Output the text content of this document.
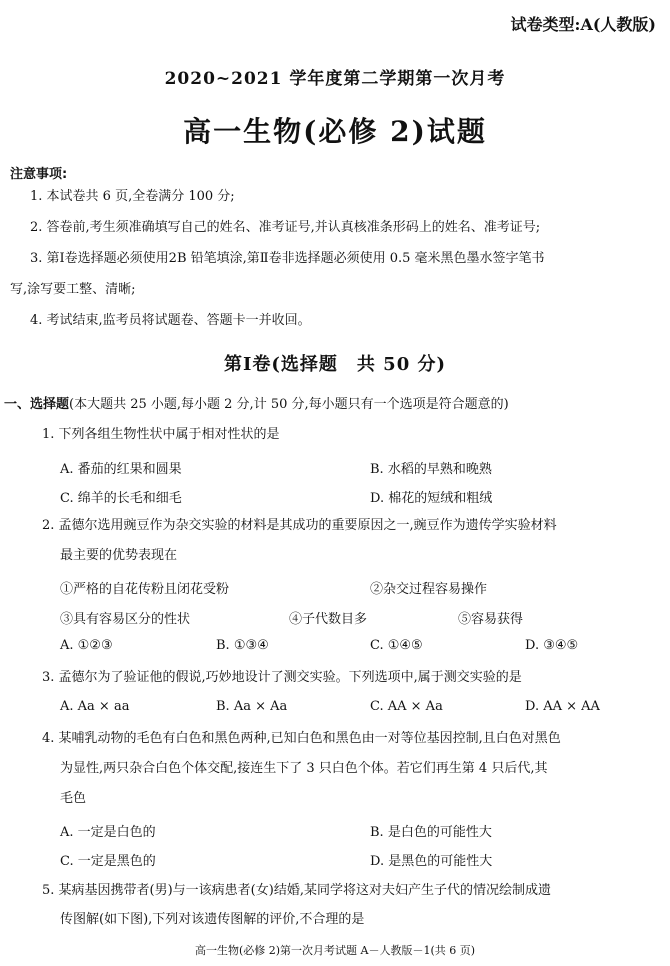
试卷类型:A(人教版)
2020~2021 学年度第二学期第一次月考
高一生物(必修 2)试题
注意事项:
1. 本试卷共 6 页,全卷满分 100 分;
2. 答卷前,考生须准确填写自己的姓名、准考证号,并认真核准条形码上的姓名、准考证号;
3. 第Ⅰ卷选择题必须使用2B 铅笔填涂,第Ⅱ卷非选择题必须使用 0.5 毫米黑色墨水签字笔书
写,涂写要工整、清晰;
4. 考试结束,监考员将试题卷、答题卡一并收回。
第Ⅰ卷(选择题　共 50 分)
一、选择题(本大题共 25 小题,每小题 2 分,计 50 分,每小题只有一个选项是符合题意的)
1. 下列各组生物性状中属于相对性状的是
A. 番茄的红果和圆果	B. 水稻的早熟和晚熟
C. 绵羊的长毛和细毛	D. 棉花的短绒和粗绒
2. 孟德尔选用豌豆作为杂交实验的材料是其成功的重要原因之一,豌豆作为遗传学实验材料
最主要的优势表现在
①严格的自花传粉且闭花受粉	②杂交过程容易操作
③具有容易区分的性状	④子代数目多	⑤容易获得
A. ①②③	B. ①③④	C. ①④⑤	D. ③④⑤
3. 孟德尔为了验证他的假说,巧妙地设计了测交实验。下列选项中,属于测交实验的是
A. Aa × aa	B. Aa × Aa	C. AA × Aa	D. AA × AA
4. 某哺乳动物的毛色有白色和黑色两种,已知白色和黑色由一对等位基因控制,且白色对黑色
为显性,两只杂合白色个体交配,接连生下了 3 只白色个体。若它们再生第 4 只后代,其
毛色
A. 一定是白色的	B. 是白色的可能性大
C. 一定是黑色的	D. 是黑色的可能性大
5. 某病基因携带者(男)与一该病患者(女)结婚,某同学将这对夫妇产生子代的情况绘制成遗
传图解(如下图),下列对该遗传图解的评价,不合理的是
高一生物(必修 2)第一次月考试题 A－人教版－1(共 6 页)
